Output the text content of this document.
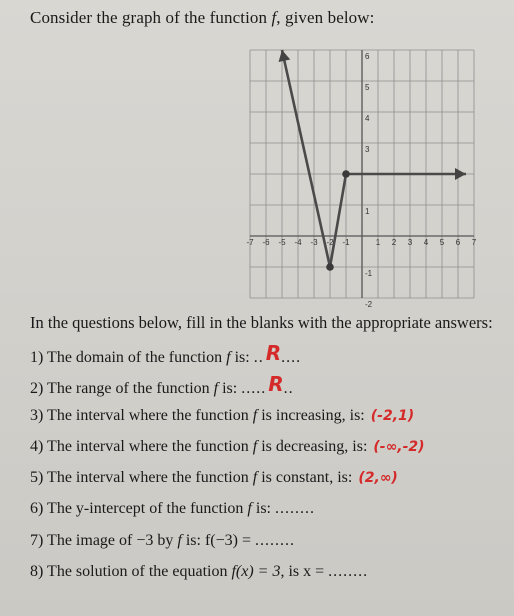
Consider the graph of the function f, given below:
-7 -6 -5 -4 -3 -2 -1	1 2 3 4 5 6 7
6
5
4
3
1
-1
-2
In the questions below, fill in the blanks with the appropriate answers:
1) The domain of the function f is: .. R....
2) The range of the function f is: ..... R..
3) The interval where the function f is increasing, is: (-2,1)
4) The interval where the function f is decreasing, is: (-∞,-2)
5) The interval where the function f is constant, is: (2,∞)
6) The y-intercept of the function f is: ........
7) The image of −3 by f is: f(−3) = ........
8) The solution of the equation f(x) = 3, is x = ........
